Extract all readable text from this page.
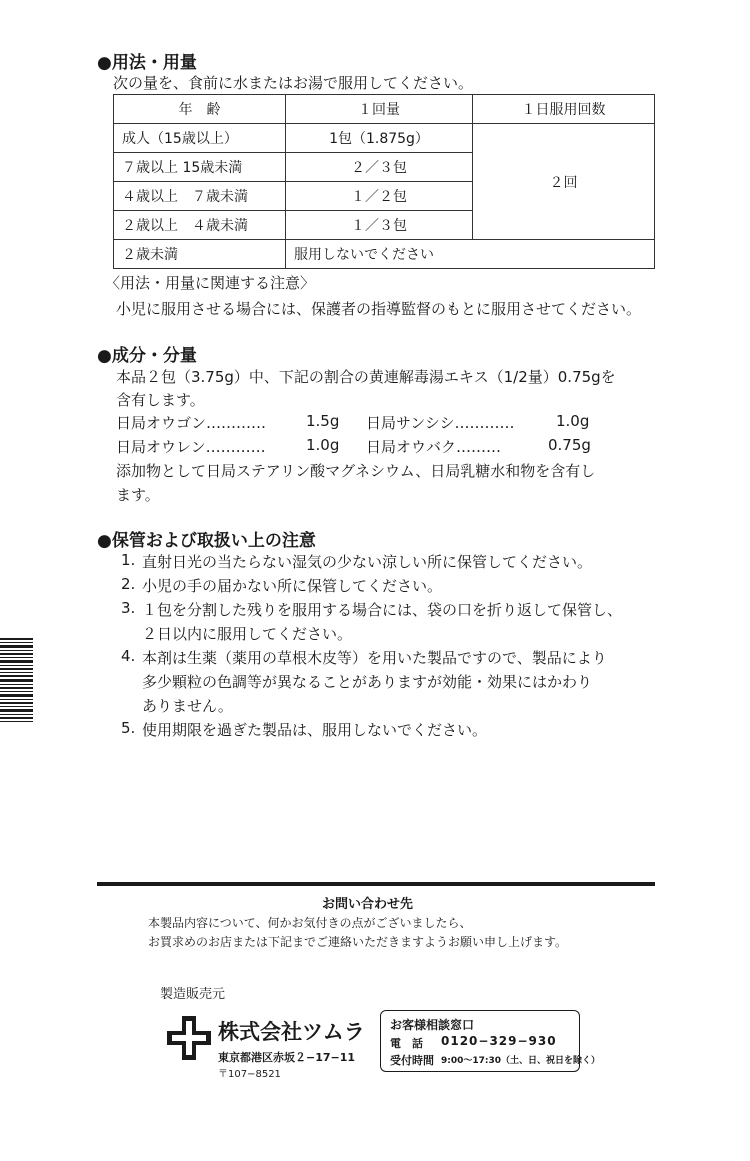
●用法・用量
次の量を、食前に水またはお湯で服用してください。
年　齢	１回量	１日服用回数
成人（15歳以上）	1包（1.875g）	２回
７歳以上 15歳未満	２／３包	
４歳以上　７歳未満	１／２包	
２歳以上　４歳未満	１／３包	
２歳未満	服用しないでください	
〈用法・用量に関連する注意〉
小児に服用させる場合には、保護者の指導監督のもとに服用させてください。
●成分・分量
本品２包（3.75g）中、下記の割合の黄連解毒湯エキス（1/2量）0.75gを
含有します。
日局オウゴン…………	1.5g 日局サンシシ…………	1.0g
日局オウレン…………	1.0g 日局オウバク………	0.75g
添加物として日局ステアリン酸マグネシウム、日局乳糖水和物を含有し
ます。
●保管および取扱い上の注意
1. 直射日光の当たらない湿気の少ない涼しい所に保管してください。
2. 小児の手の届かない所に保管してください。
3. １包を分割した残りを服用する場合には、袋の口を折り返して保管し、
２日以内に服用してください。
4. 本剤は生薬（薬用の草根木皮等）を用いた製品ですので、製品により
多少顆粒の色調等が異なることがありますが効能・効果にはかわり
ありません。
5. 使用期限を過ぎた製品は、服用しないでください。
お問い合わせ先
本製品内容について、何かお気付きの点がございましたら、
お買求めのお店または下記までご連絡いただきますようお願い申し上げます。
製造販売元
株式会社ツムラ
東京都港区赤坂２−17−11
〒107−8521
お客様相談窓口
電　話 0120−329−930
受付時間 9:00〜17:30（土、日、祝日を除く）
